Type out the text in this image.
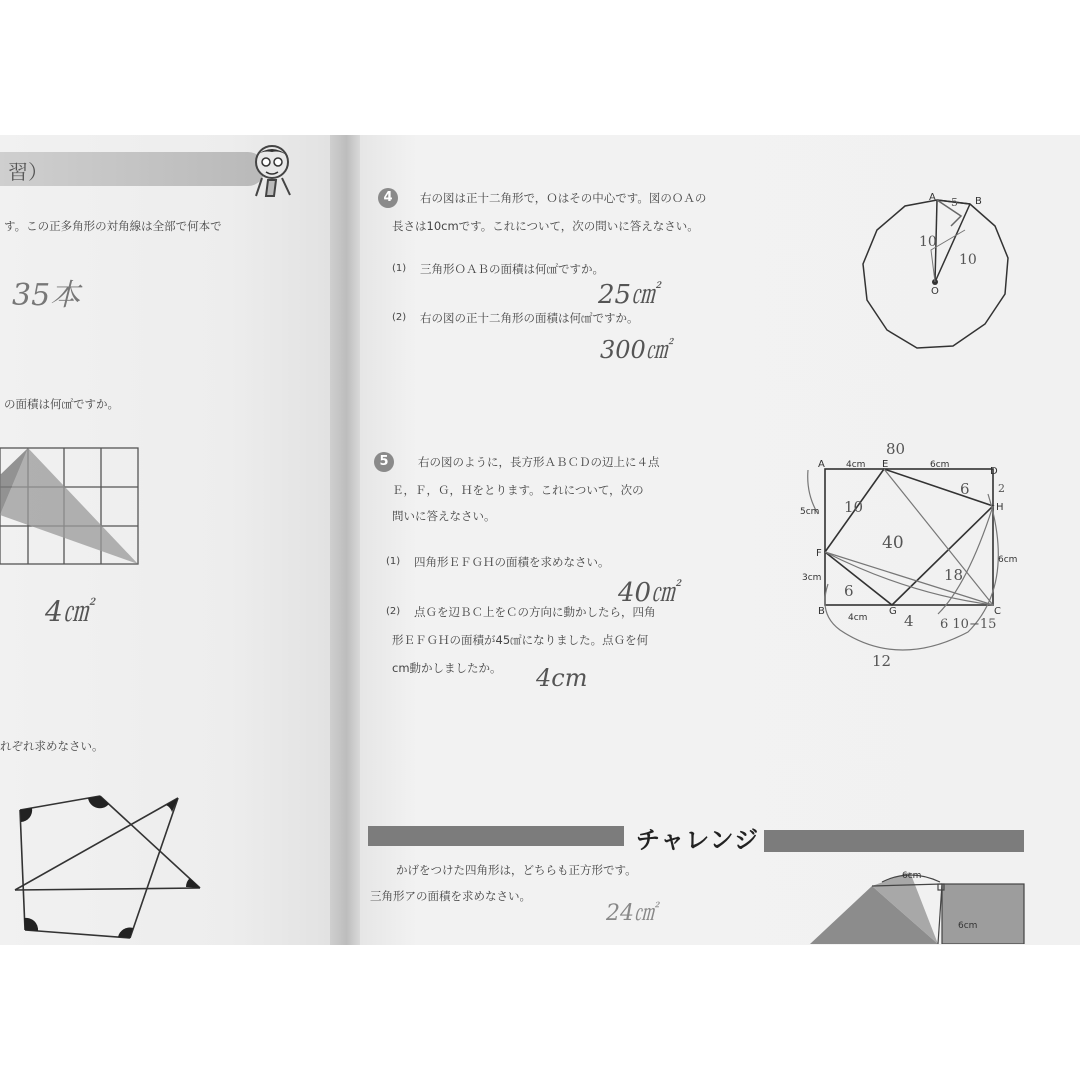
習）
す。この正多角形の対角線は全部で何本で
35本
の面積は何㎠ですか。
4㎠
れぞれ求めなさい。
4	右の図は正十二角形で，Ｏはその中心です。図のＯＡの
長さは10cmです。これについて，次の問いに答えなさい。
(1) 三角形ＯＡＢの面積は何㎠ですか。
25㎠
(2) 右の図の正十二角形の面積は何㎠ですか。
300㎠
A	B
O
10
10
5
5	右の図のように，長方形ＡＢＣＤの辺上に４点
Ｅ，Ｆ，Ｇ，Ｈをとります。これについて，次の
問いに答えなさい。
(1) 四角形ＥＦＧＨの面積を求めなさい。
40㎠
(2) 点Ｇを辺ＢＣ上をＣの方向に動かしたら，四角
形ＥＦＧＨの面積が45㎠になりました。点Ｇを何
cm動かしましたか。 4cm
A
B	C
D
E
F
G
H
4cm	6cm
5cm
3cm
4cm
6cm
2
80
10
6
40
6
18
4 6 10−15
12
チャレンジ
かげをつけた四角形は，どちらも正方形です。
三角形アの面積を求めなさい。
24㎠
6cm
6cm
